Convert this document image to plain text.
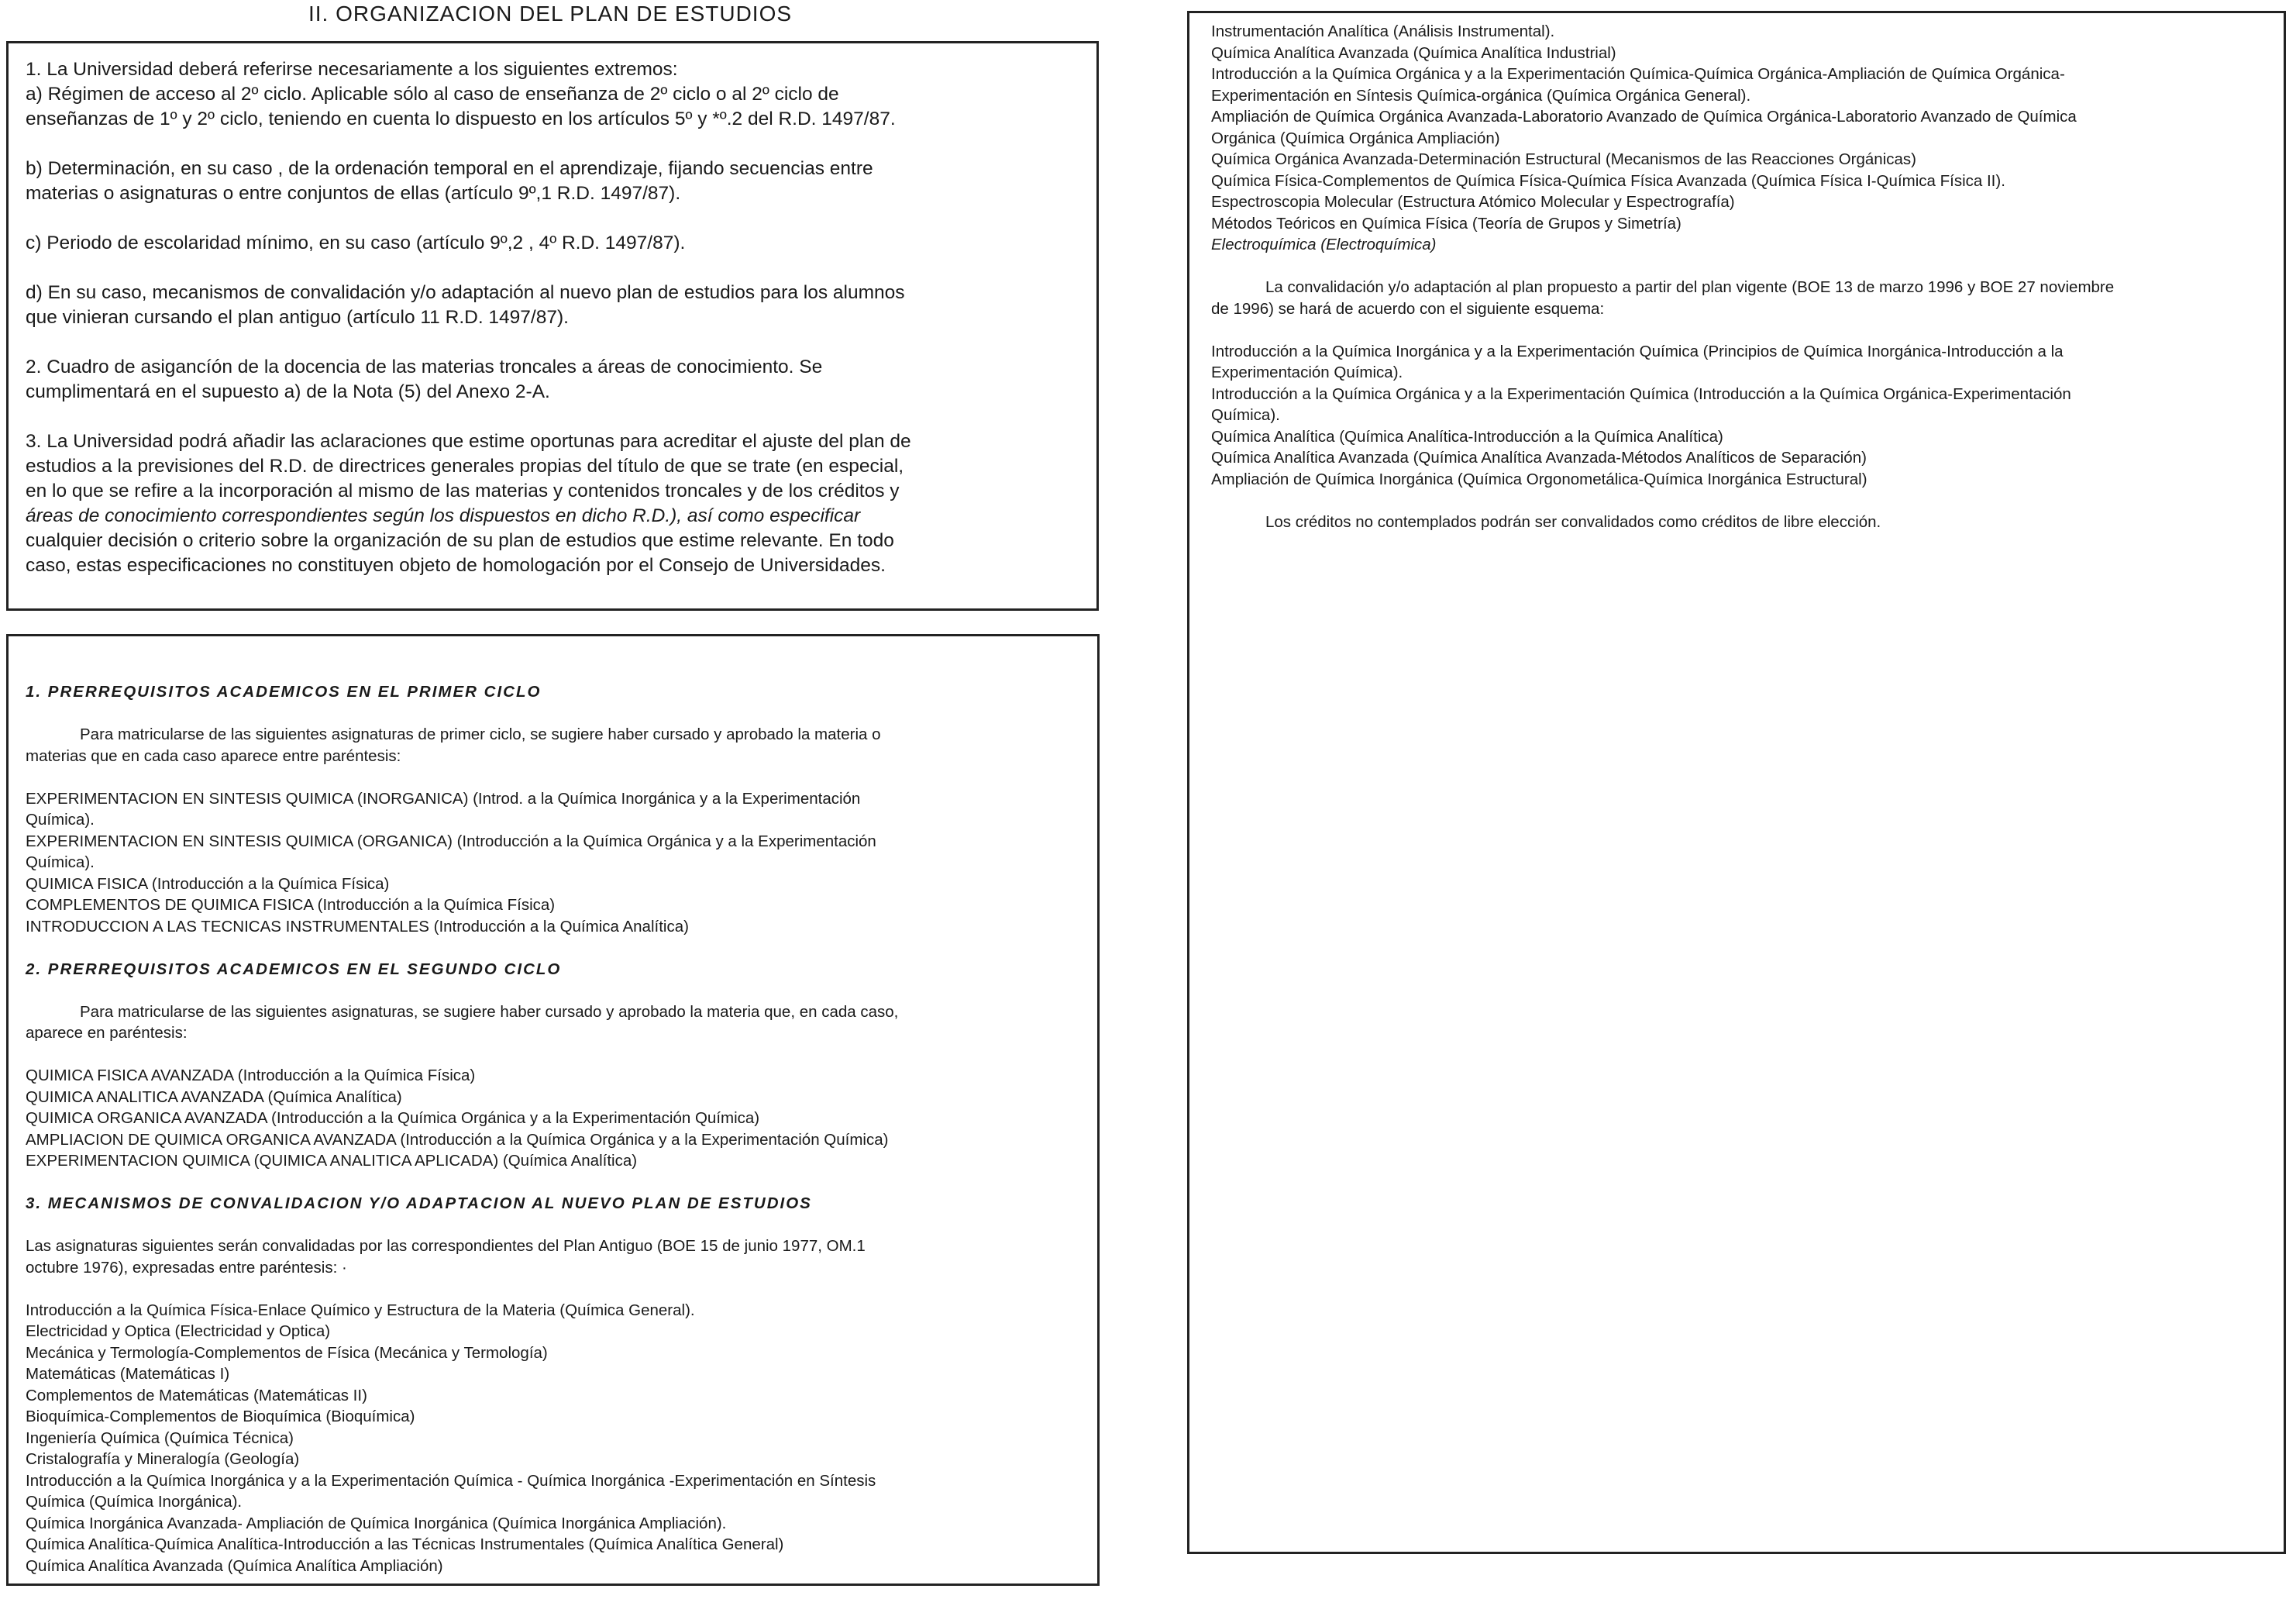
II. ORGANIZACION DEL PLAN DE ESTUDIOS
1. La Universidad deberá referirse necesariamente a los siguientes extremos:
a) Régimen de acceso al 2º ciclo. Aplicable sólo al caso de enseñanza de 2º ciclo o al 2º ciclo de
enseñanzas de 1º y 2º ciclo, teniendo en cuenta lo dispuesto en los artículos 5º y *º.2 del R.D. 1497/87.

b) Determinación, en su caso , de la ordenación temporal en el aprendizaje, fijando secuencias entre
materias o asignaturas o entre conjuntos de ellas (artículo 9º,1 R.D. 1497/87).

c) Periodo de escolaridad mínimo, en su caso (artículo 9º,2 , 4º R.D. 1497/87).

d) En su caso, mecanismos de convalidación y/o adaptación al nuevo plan de estudios para los alumnos
que vinieran cursando el plan antiguo (artículo 11 R.D. 1497/87).

2. Cuadro de asigancíón de la docencia de las materias troncales a áreas de conocimiento. Se
cumplimentará en el supuesto a) de la Nota (5) del Anexo 2-A.

3. La Universidad podrá añadir las aclaraciones que estime oportunas para acreditar el ajuste del plan de
estudios a la previsiones del R.D. de directrices generales propias del título de que se trate (en especial,
en lo que se refire a la incorporación al mismo de las materias y contenidos troncales y de los créditos y
áreas de conocimiento correspondientes según los dispuestos en dicho R.D.), así como especificar
cualquier decisión o criterio sobre la organización de su plan de estudios que estime relevante. En todo
caso, estas especificaciones no constituyen objeto de homologación por el Consejo de Universidades.
1. PRERREQUISITOS ACADEMICOS EN EL PRIMER CICLO

Para matricularse de las siguientes asignaturas de primer ciclo, se sugiere haber cursado y aprobado la materia o
materias que en cada caso aparece entre paréntesis:

EXPERIMENTACION EN SINTESIS QUIMICA (INORGANICA) (Introd. a la Química Inorgánica y a la Experimentación
Química).
EXPERIMENTACION EN SINTESIS QUIMICA (ORGANICA) (Introducción a la Química Orgánica y a la Experimentación
Química).
QUIMICA FISICA (Introducción a la Química Física)
COMPLEMENTOS DE QUIMICA FISICA (Introducción a la Química Física)
INTRODUCCION A LAS TECNICAS INSTRUMENTALES (Introducción a la Química Analítica)

2. PRERREQUISITOS ACADEMICOS EN EL SEGUNDO CICLO

Para matricularse de las siguientes asignaturas, se sugiere haber cursado y aprobado la materia que, en cada caso,
aparece en paréntesis:

QUIMICA FISICA AVANZADA (Introducción a la Química Física)
QUIMICA ANALITICA AVANZADA (Química Analítica)
QUIMICA ORGANICA AVANZADA (Introducción a la Química Orgánica y a la Experimentación Química)
AMPLIACION DE QUIMICA ORGANICA AVANZADA (Introducción a la Química Orgánica y a la Experimentación Química)
EXPERIMENTACION QUIMICA (QUIMICA ANALITICA APLICADA) (Química Analítica)

3. MECANISMOS DE CONVALIDACION Y/O ADAPTACION AL NUEVO PLAN DE ESTUDIOS

Las asignaturas siguientes serán convalidadas por las correspondientes del Plan Antiguo (BOE 15 de junio 1977, OM.1
octubre 1976), expresadas entre paréntesis: ·

Introducción a la Química Física-Enlace Químico y Estructura de la Materia (Química General).
Electricidad y Optica (Electricidad y Optica)
Mecánica y Termología-Complementos de Física (Mecánica y Termología)
Matemáticas (Matemáticas I)
Complementos de Matemáticas (Matemáticas II)
Bioquímica-Complementos de Bioquímica (Bioquímica)
Ingeniería Química (Química Técnica)
Cristalografía y Mineralogía (Geología)
Introducción a la Química Inorgánica y a la Experimentación Química - Química Inorgánica -Experimentación en Síntesis
Química (Química Inorgánica).
Química Inorgánica Avanzada- Ampliación de Química Inorgánica (Química Inorgánica Ampliación).
Química Analítica-Química Analítica-Introducción a las Técnicas Instrumentales (Química Analítica General)
Química Analítica Avanzada (Química Analítica Ampliación)
Instrumentación Analítica (Análisis Instrumental).
Química Analítica Avanzada (Química Analítica Industrial)
Introducción a la Química Orgánica y a la Experimentación Química-Química Orgánica-Ampliación de Química Orgánica-
Experimentación en Síntesis Química-orgánica (Química Orgánica General).
Ampliación de Química Orgánica Avanzada-Laboratorio Avanzado de Química Orgánica-Laboratorio Avanzado de Química
Orgánica (Química Orgánica Ampliación)
Química Orgánica Avanzada-Determinación Estructural (Mecanismos de las Reacciones Orgánicas)
Química Física-Complementos de Química Física-Química Física Avanzada (Química Física I-Química Física II).
Espectroscopia Molecular (Estructura Atómico Molecular y Espectrografía)
Métodos Teóricos en Química Física (Teoría de Grupos y Simetría)
Electroquímica (Electroquímica)

La convalidación y/o adaptación al plan propuesto a partir del plan vigente (BOE 13 de marzo 1996 y BOE 27 noviembre
de 1996) se hará de acuerdo con el siguiente esquema:

Introducción a la Química Inorgánica y a la Experimentación Química (Principios de Química Inorgánica-Introducción a la
Experimentación Química).
Introducción a la Química Orgánica y a la Experimentación Química (Introducción a la Química Orgánica-Experimentación
Química).
Química Analítica (Química Analítica-Introducción a la Química Analítica)
Química Analítica Avanzada (Química Analítica Avanzada-Métodos Analíticos de Separación)
Ampliación de Química Inorgánica (Química Orgonometálica-Química Inorgánica Estructural)

Los créditos no contemplados podrán ser convalidados como créditos de libre elección.
